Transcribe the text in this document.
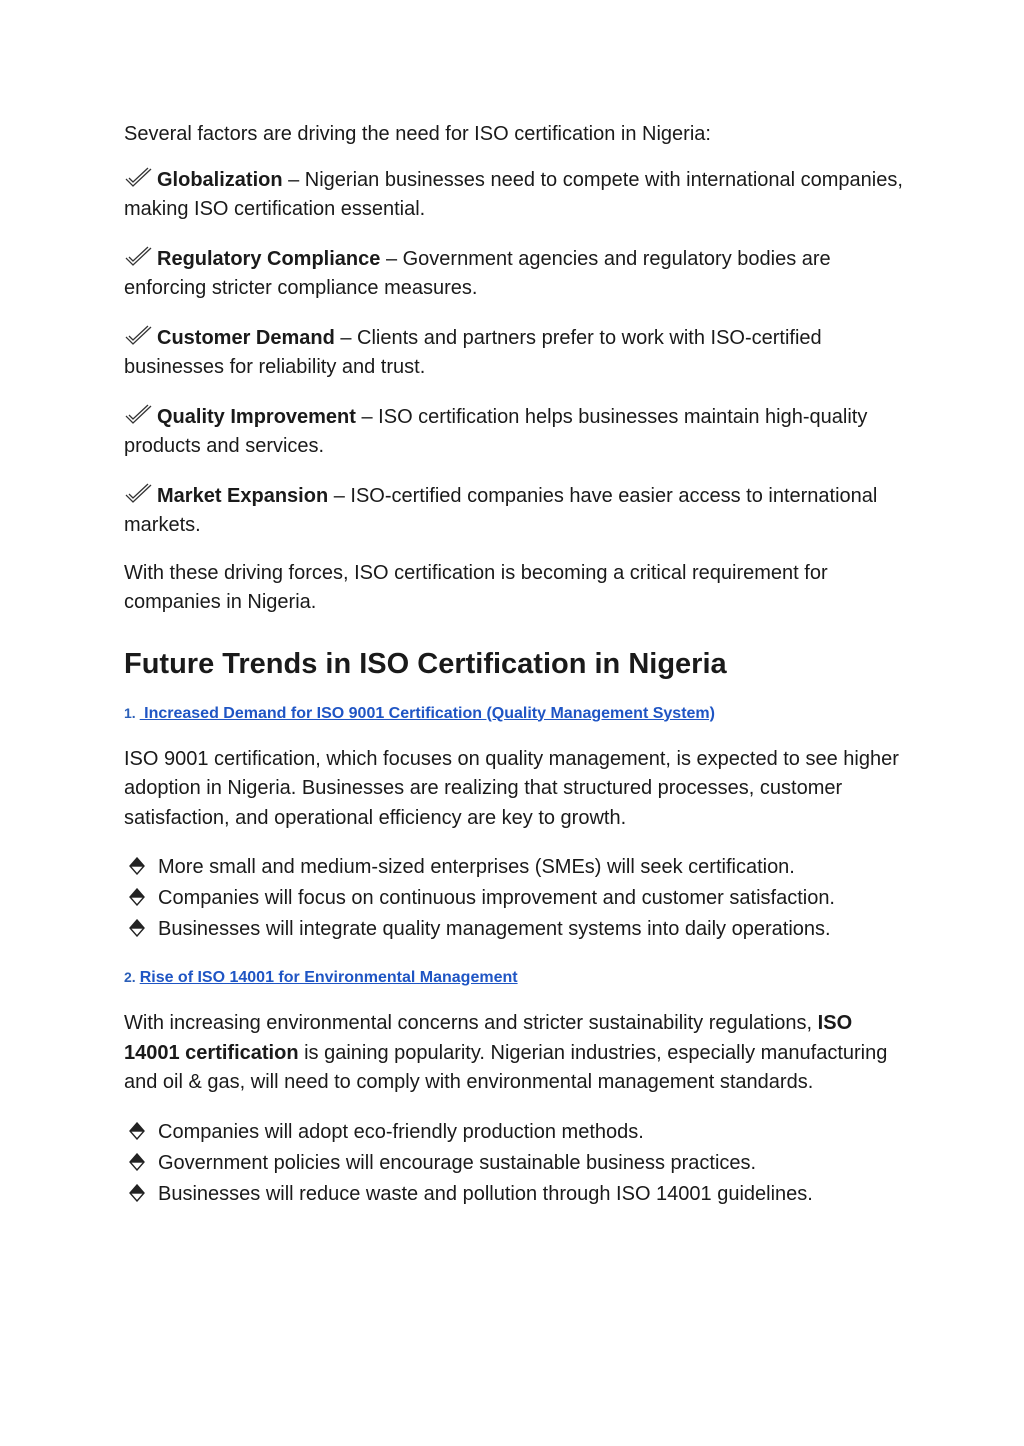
Several factors are driving the need for ISO certification in Nigeria:

Globalization – Nigerian businesses need to compete with international companies, making ISO certification essential.

Regulatory Compliance – Government agencies and regulatory bodies are enforcing stricter compliance measures.

Customer Demand – Clients and partners prefer to work with ISO-certified businesses for reliability and trust.

Quality Improvement – ISO certification helps businesses maintain high-quality products and services.

Market Expansion – ISO-certified companies have easier access to international markets.

With these driving forces, ISO certification is becoming a critical requirement for companies in Nigeria.

Future Trends in ISO Certification in Nigeria

1. Increased Demand for ISO 9001 Certification (Quality Management System)

ISO 9001 certification, which focuses on quality management, is expected to see higher adoption in Nigeria. Businesses are realizing that structured processes, customer satisfaction, and operational efficiency are key to growth.

More small and medium-sized enterprises (SMEs) will seek certification.
Companies will focus on continuous improvement and customer satisfaction.
Businesses will integrate quality management systems into daily operations.

2. Rise of ISO 14001 for Environmental Management

With increasing environmental concerns and stricter sustainability regulations, ISO 14001 certification is gaining popularity. Nigerian industries, especially manufacturing and oil & gas, will need to comply with environmental management standards.

Companies will adopt eco-friendly production methods.
Government policies will encourage sustainable business practices.
Businesses will reduce waste and pollution through ISO 14001 guidelines.
